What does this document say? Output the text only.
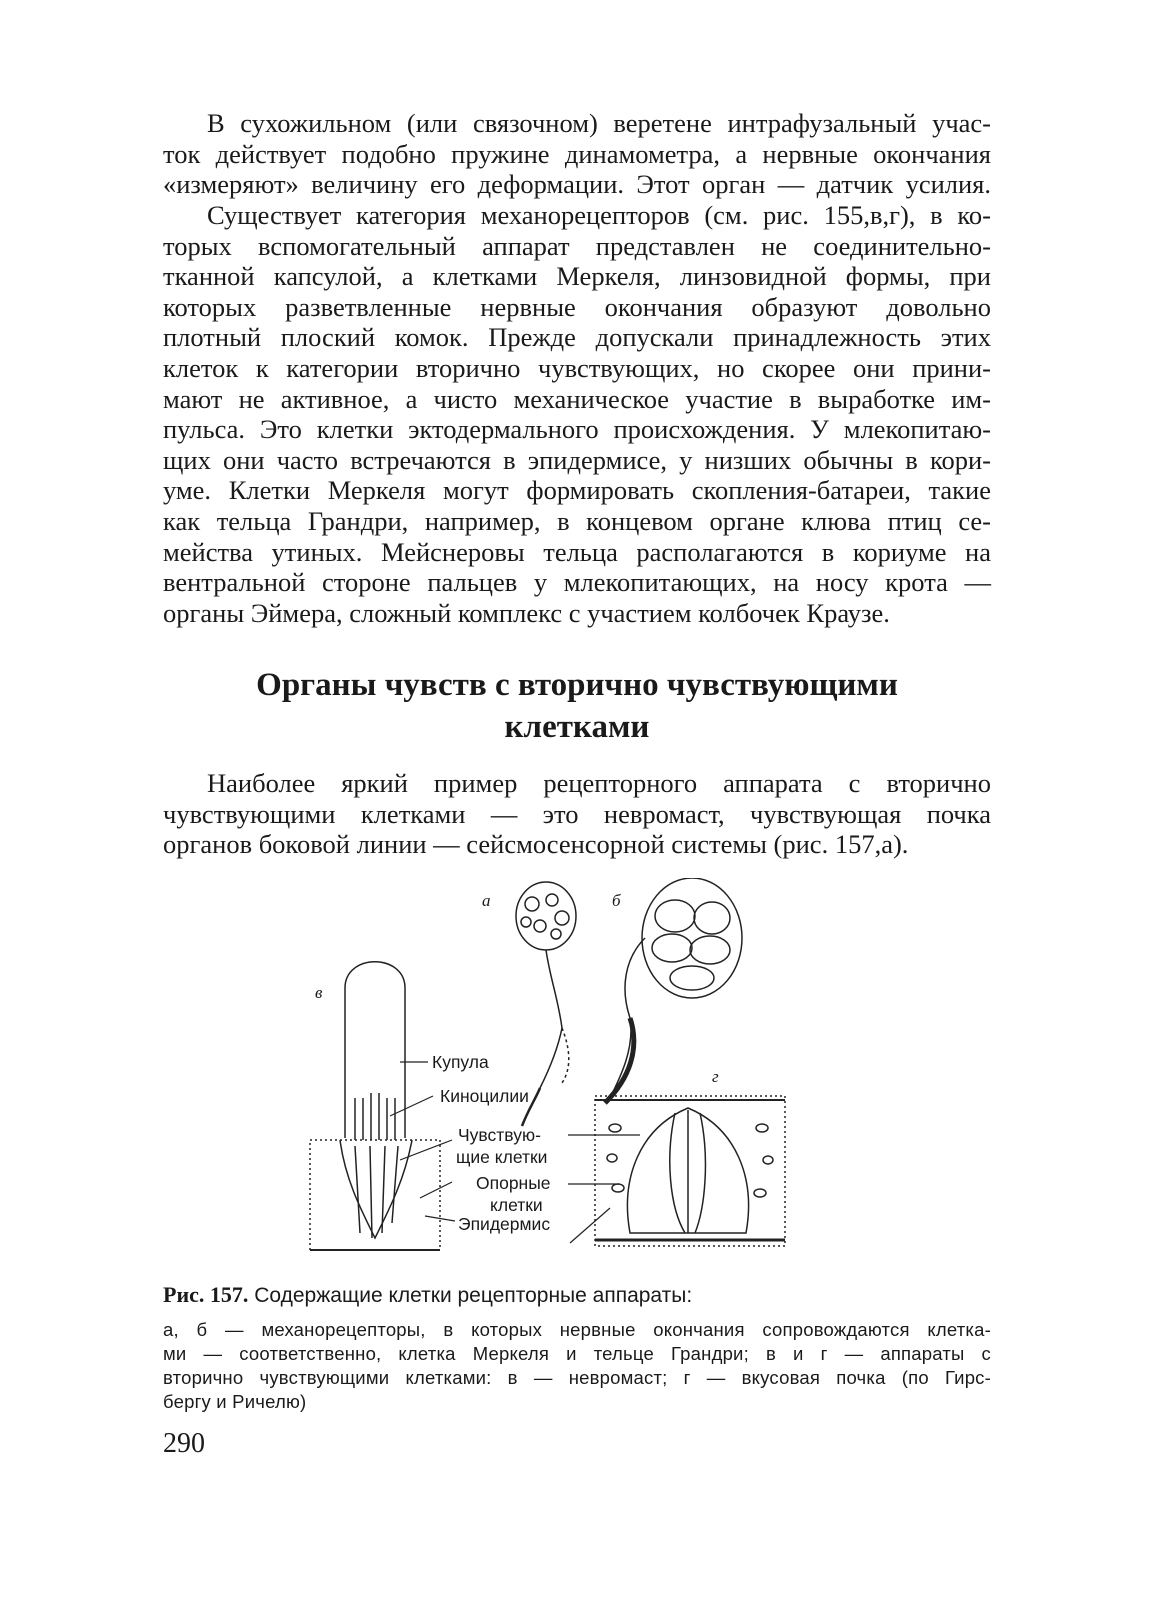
В сухожильном (или связочном) веретене интрафузальный учас-
ток действует подобно пружине динамометра, а нервные окончания
«измеряют» величину его деформации. Этот орган — датчик усилия.
Существует категория механорецепторов (см. рис. 155,в,г), в ко-
торых вспомогательный аппарат представлен не соединительно-
тканной капсулой, а клетками Меркеля, линзовидной формы, при
которых разветвленные нервные окончания образуют довольно
плотный плоский комок. Прежде допускали принадлежность этих
клеток к категории вторично чувствующих, но скорее они прини-
мают не активное, а чисто механическое участие в выработке им-
пульса. Это клетки эктодермального происхождения. У млекопитаю-
щих они часто встречаются в эпидермисе, у низших обычны в кори-
уме. Клетки Меркеля могут формировать скопления-батареи, такие
как тельца Грандри, например, в концевом органе клюва птиц се-
мейства утиных. Мейснеровы тельца располагаются в кориуме на
вентральной стороне пальцев у млекопитающих, на носу крота —
органы Эймера, сложный комплекс с участием колбочек Краузе.
Органы чувств с вторично чувствующими
клетками
Наиболее яркий пример рецепторного аппарата с вторично
чувствующими клетками — это невромаст, чувствующая почка
органов боковой линии — сейсмосенсорной системы (рис. 157,а).
а	б
в
г
Купула
Киноцилии
Чувствую-
щие клетки
Опорные
клетки
Эпидермис

Рис. 157. Содержащие клетки рецепторные аппараты:

а, б — механорецепторы, в которых нервные окончания сопровождаются клетка-
ми — соответственно, клетка Меркеля и тельце Грандри; в и г — аппараты с
вторично чувствующими клетками: в — невромаст; г — вкусовая почка (по Гирс-
бергу и Ричелю)

290
